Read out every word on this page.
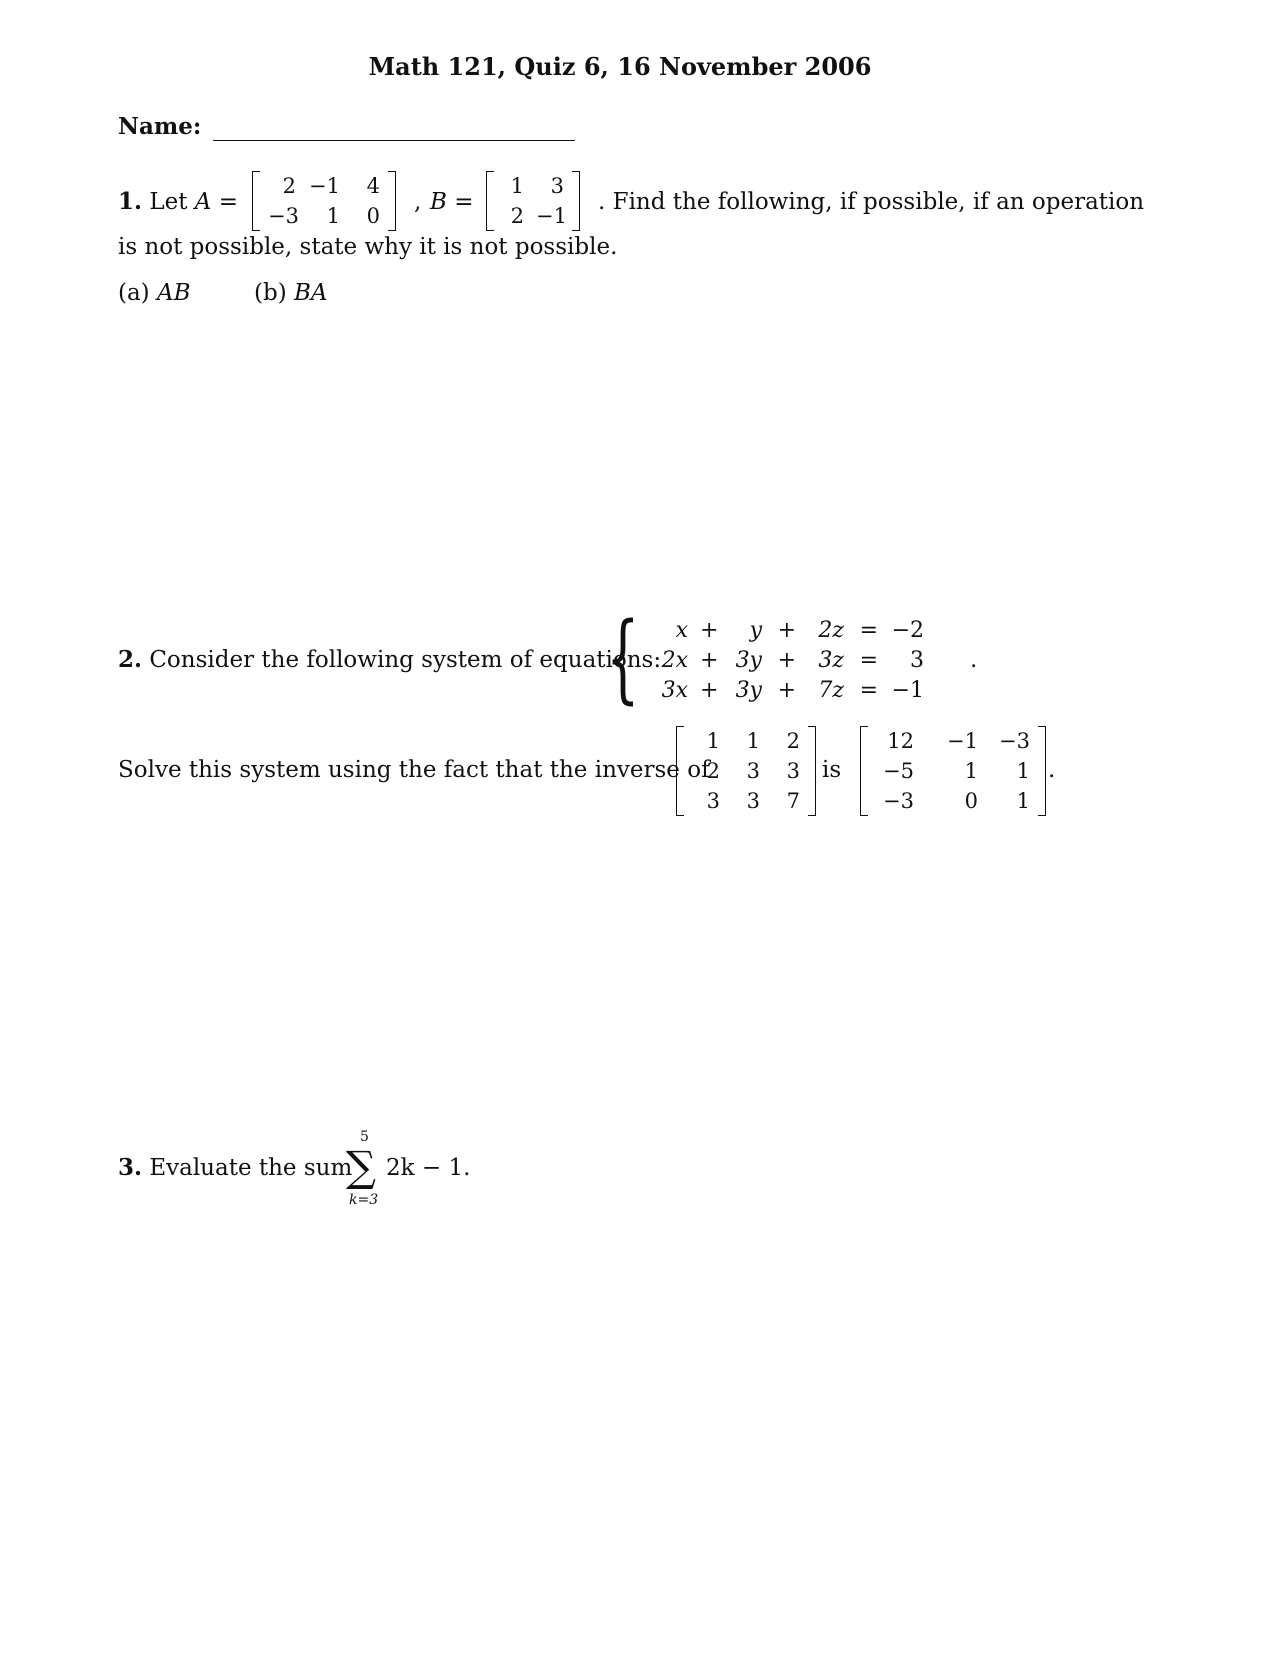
Math 121, Quiz 6, 16 November 2006
Name:
1. Let A =
2 −1	4
−3	1	0
, B =
1	3
2 −1
. Find the following, if possible, if an operation
is not possible, state why it is not possible.
(a) AB	(b) BA
2. Consider the following system of equations:
{	x +	y +	2z = −2
2x + 3y +	3z =	3
3x + 3y +	7z = −1
.
Solve this system using the fact that the inverse of
1	1	2
2	3	3
3	3	7
is
12	−1	−3
−5	1	1
−3	0	1
.
3. Evaluate the sum
5
∑
k=3
2k − 1.
